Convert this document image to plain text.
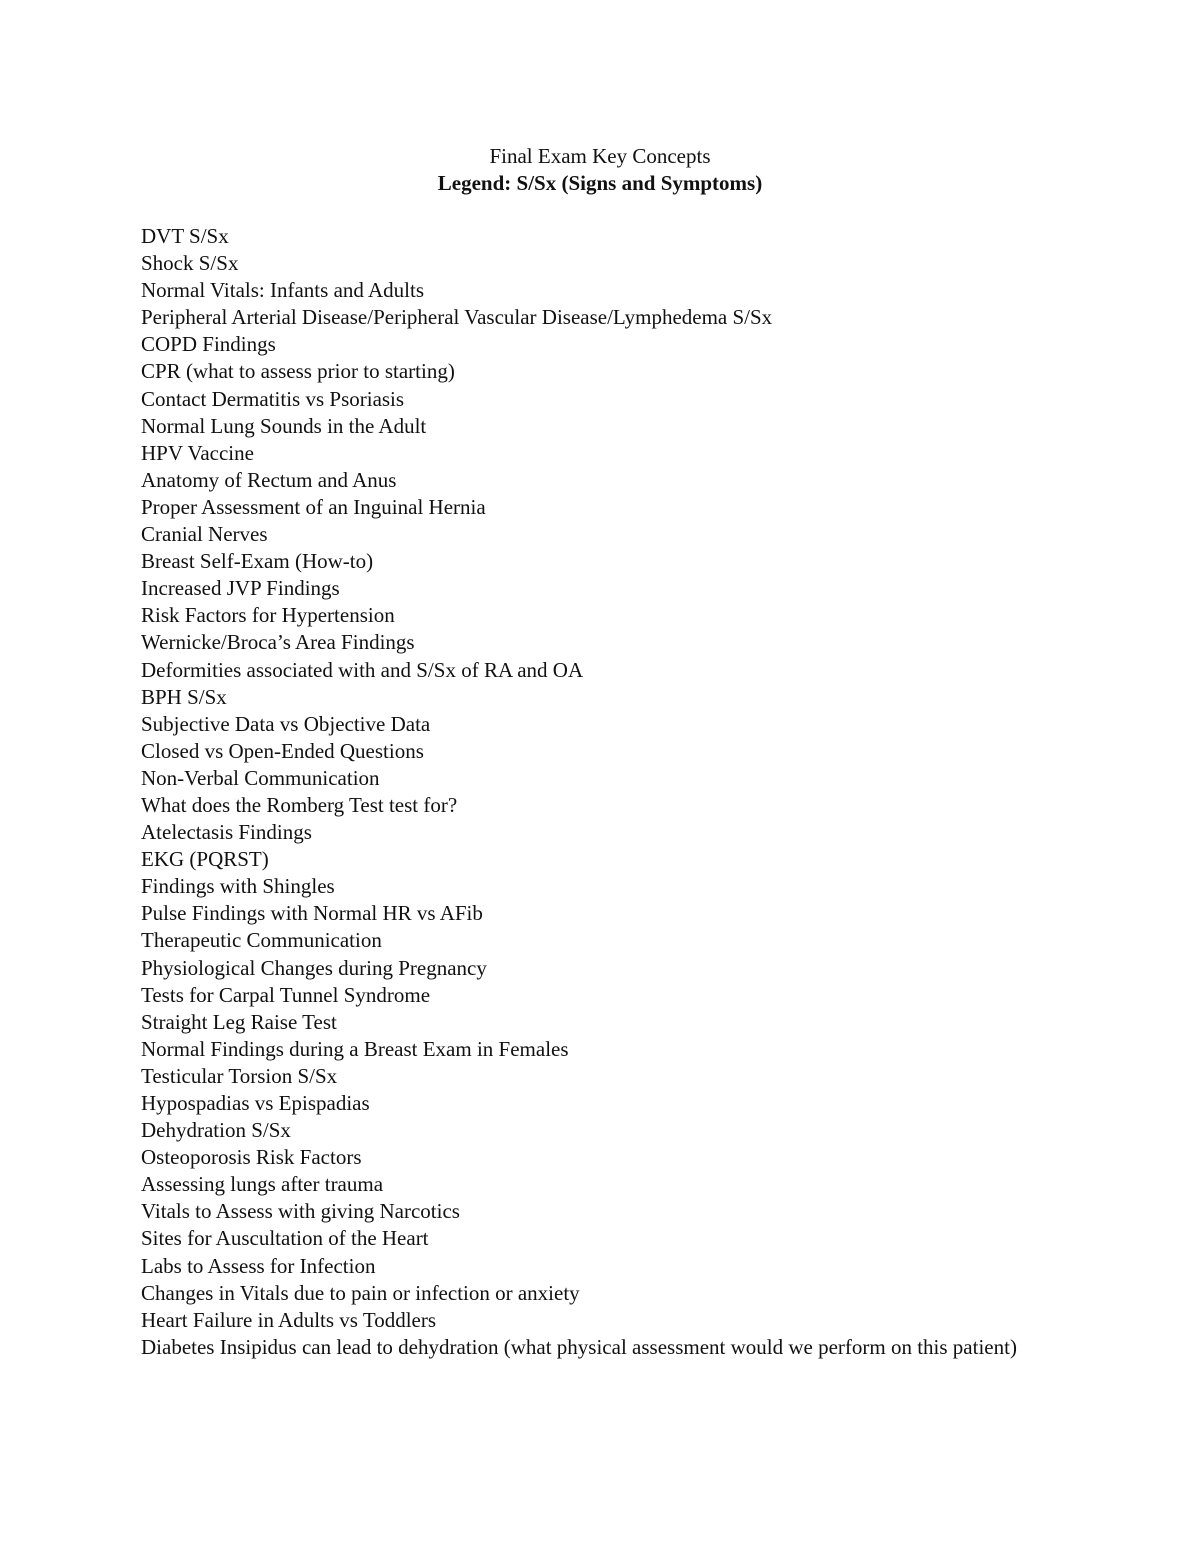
Final Exam Key Concepts
Legend: S/Sx (Signs and Symptoms)
DVT S/Sx
Shock S/Sx
Normal Vitals: Infants and Adults
Peripheral Arterial Disease/Peripheral Vascular Disease/Lymphedema S/Sx
COPD Findings
CPR (what to assess prior to starting)
Contact Dermatitis vs Psoriasis
Normal Lung Sounds in the Adult
HPV Vaccine
Anatomy of Rectum and Anus
Proper Assessment of an Inguinal Hernia
Cranial Nerves
Breast Self-Exam (How-to)
Increased JVP Findings
Risk Factors for Hypertension
Wernicke/Broca’s Area Findings
Deformities associated with and S/Sx of RA and OA
BPH S/Sx
Subjective Data vs Objective Data
Closed vs Open-Ended Questions
Non-Verbal Communication
What does the Romberg Test test for?
Atelectasis Findings
EKG (PQRST)
Findings with Shingles
Pulse Findings with Normal HR vs AFib
Therapeutic Communication
Physiological Changes during Pregnancy
Tests for Carpal Tunnel Syndrome
Straight Leg Raise Test
Normal Findings during a Breast Exam in Females
Testicular Torsion S/Sx
Hypospadias vs Epispadias
Dehydration S/Sx
Osteoporosis Risk Factors
Assessing lungs after trauma
Vitals to Assess with giving Narcotics
Sites for Auscultation of the Heart
Labs to Assess for Infection
Changes in Vitals due to pain or infection or anxiety
Heart Failure in Adults vs Toddlers
Diabetes Insipidus can lead to dehydration (what physical assessment would we perform on this patient)
